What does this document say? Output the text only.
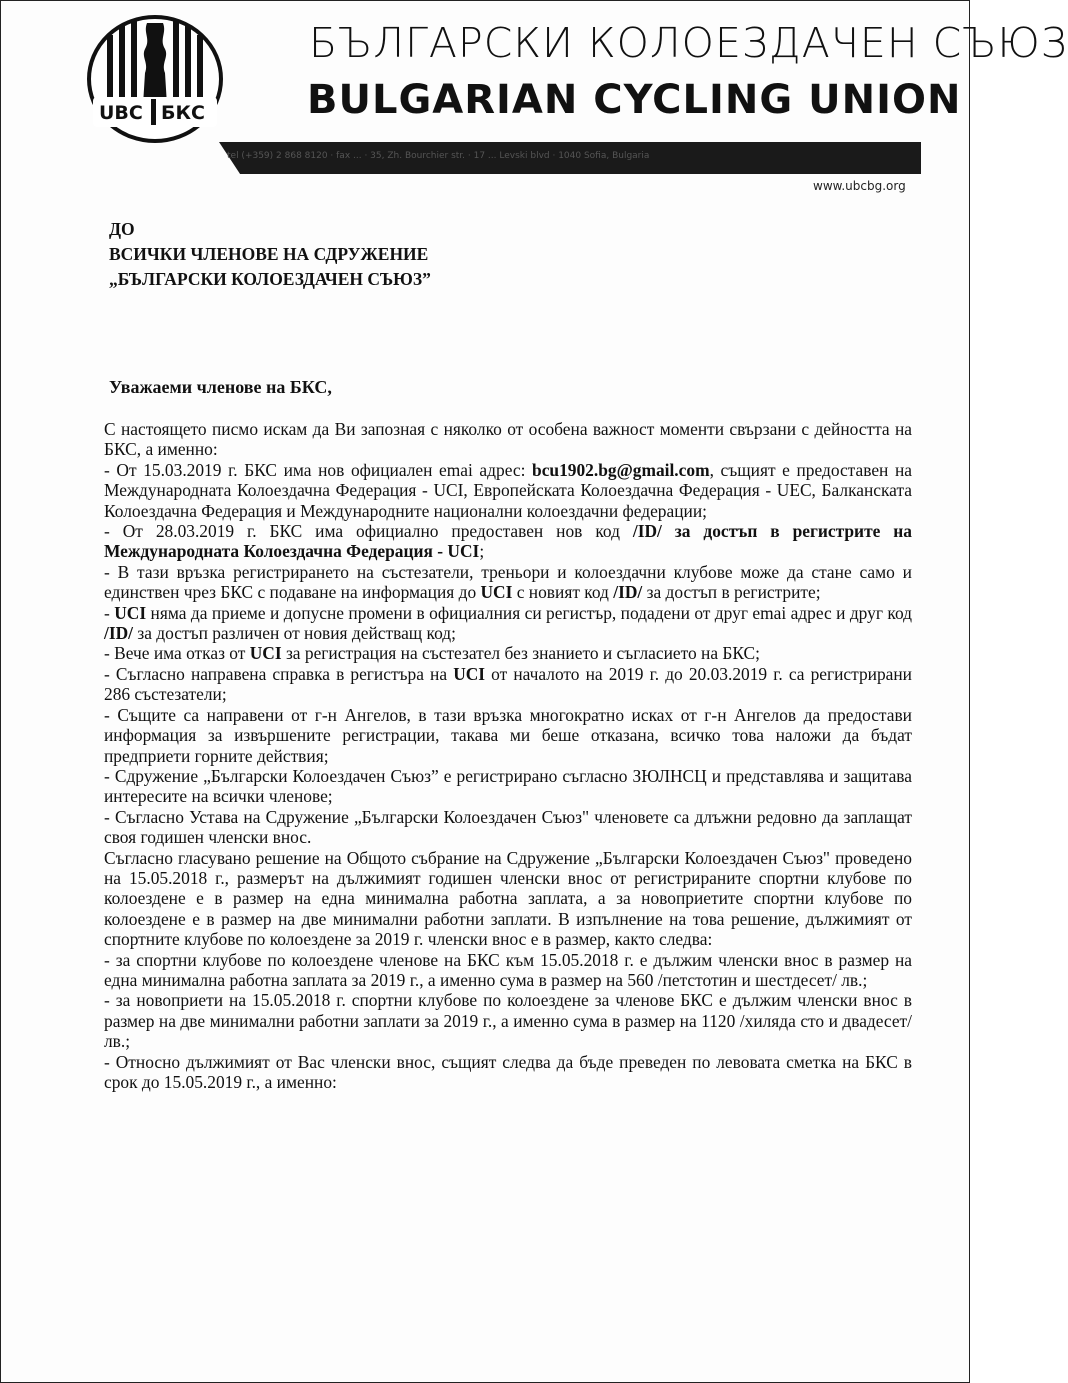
UBC БКС
БЪЛГАРСКИ КОЛОЕЗДАЧЕН СЪЮЗ
BULGARIAN CYCLING UNION
tel (+359) 2 868 8120 · fax ... · 35, Zh. Bourchier str. · 17 ... Levski blvd · 1040 Sofia, Bulgaria
www.ubcbg.org
ДО
ВСИЧКИ ЧЛЕНОВЕ НА СДРУЖЕНИЕ
„БЪЛГАРСКИ КОЛОЕЗДАЧЕН СЪЮЗ”
Уважаеми членове на БКС,

С настоящето писмо искам да Ви запозная с няколко от особена важност моменти свързани с дейността на БКС, а именно:

- От 15.03.2019 г. БКС има нов официален emai адрес: bcu1902.bg@gmail.com, същият е предоставен на Международната Колоездачна Федерация - UCI, Европейската Колоездачна Федерация - UEC, Балканската Колоездачна Федерация и Международните национални колоездачни федерации;

- От 28.03.2019 г. БКС има официално предоставен нов код /ID/ за достъп в регистрите на Международната Колоездачна Федерация - UCI;

- В тази връзка регистрирането на състезатели, треньори и колоездачни клубове може да стане само и единствен чрез БКС с подаване на информация до UCI с новият код /ID/ за достъп в регистрите;

- UCI няма да приеме и допусне промени в официалния си регистър, подадени от друг emai адрес и друг код /ID/ за достъп различен от новия действащ код;

- Вече има отказ от UCI за регистрация на състезател без знанието и съгласието на БКС;

- Съгласно направена справка в регистъра на UCI от началото на 2019 г. до 20.03.2019 г. са регистрирани 286 състезатели;

- Същите са направени от г-н Ангелов, в тази връзка многократно исках от г-н Ангелов да предостави информация за извършените регистрации, такава ми беше отказана, всичко това наложи да бъдат предприети горните действия;

- Сдружение „Български Колоездачен Съюз” е регистрирано съгласно ЗЮЛНСЦ и представлява и защитава интересите на всички членове;

- Съгласно Устава на Сдружение „Български Колоездачен Съюз" членовете са длъжни редовно да заплащат своя годишен членски внос.

Съгласно гласувано решение на Общото събрание на Сдружение „Български Колоездачен Съюз" проведено на 15.05.2018 г., размерът на дължимият годишен членски внос от регистрираните спортни клубове по колоездене е в размер на една минимална работна заплата, а за новоприетите спортни клубове по колоездене е в размер на две минимални работни заплати. В изпълнение на това решение, дължимият от спортните клубове по колоездене за 2019 г. членски внос е в размер, както следва:

- за спортни клубове по колоездене членове на БКС към 15.05.2018 г. е дължим членски внос в размер на една минимална работна заплата за 2019 г., а именно сума в размер на 560 /петстотин и шестдесет/ лв.;

- за новоприети на 15.05.2018 г. спортни клубове по колоездене за членове БКС е дължим членски внос в размер на две минимални работни заплати за 2019 г., а именно сума в размер на 1120 /хиляда сто и двадесет/ лв.;

- Относно дължимият от Вас членски внос, същият следва да бъде преведен по левовата сметка на БКС в срок до 15.05.2019 г., а именно:
